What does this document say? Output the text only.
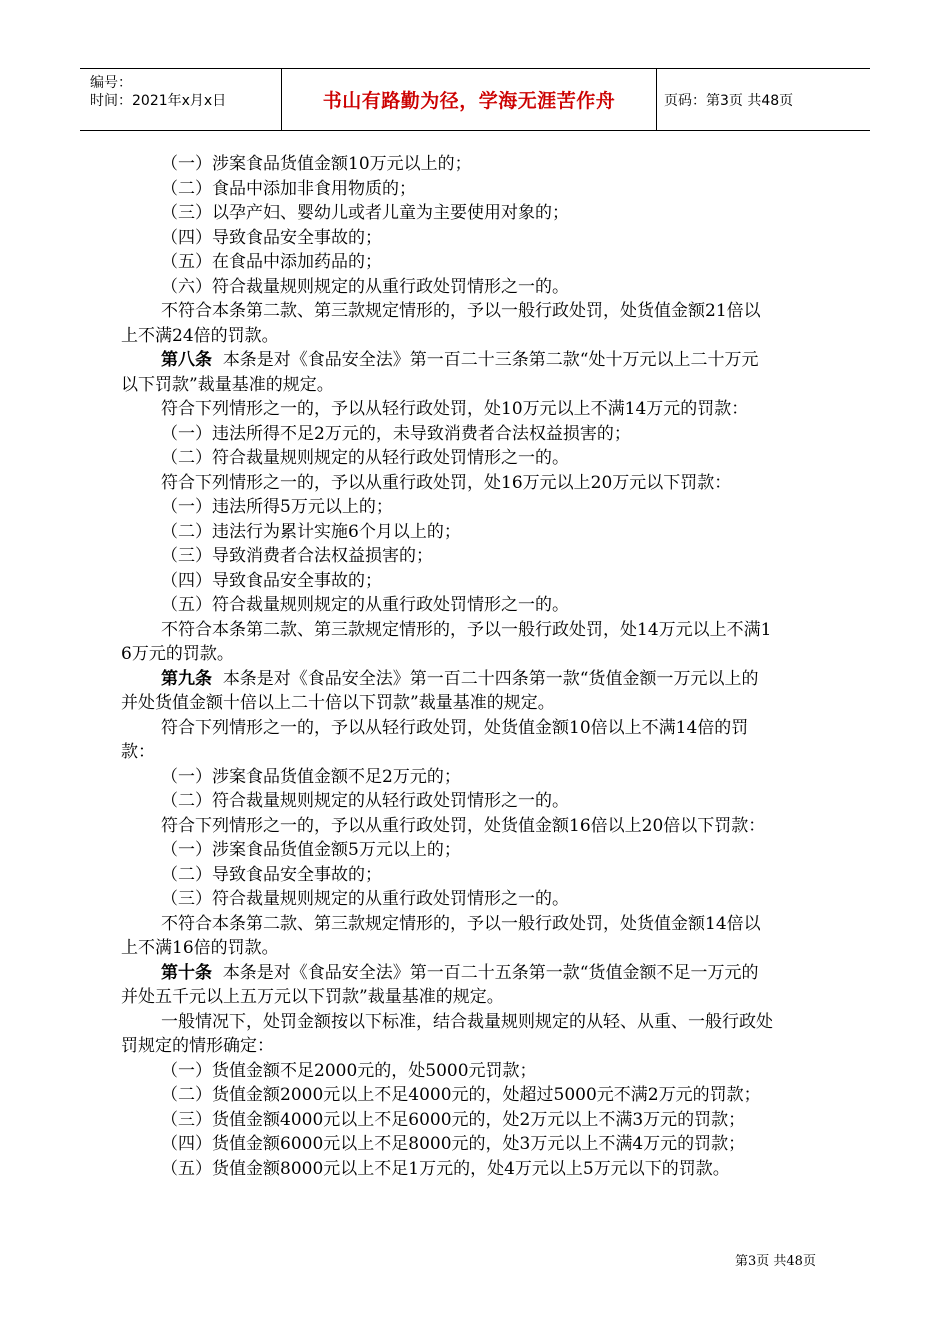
编号：
时间：2021年x月x日	书山有路勤为径，学海无涯苦作舟	页码：第3页 共48页
（一）涉案食品货值金额10万元以上的；
（二）食品中添加非食用物质的；
（三）以孕产妇、婴幼儿或者儿童为主要使用对象的；
（四）导致食品安全事故的；
（五）在食品中添加药品的；
（六）符合裁量规则规定的从重行政处罚情形之一的。
不符合本条第二款、第三款规定情形的，予以一般行政处罚，处货值金额21倍以
上不满24倍的罚款。
第八条 本条是对《食品安全法》第一百二十三条第二款“处十万元以上二十万元
以下罚款”裁量基准的规定。
符合下列情形之一的，予以从轻行政处罚，处10万元以上不满14万元的罚款：
（一）违法所得不足2万元的，未导致消费者合法权益损害的；
（二）符合裁量规则规定的从轻行政处罚情形之一的。
符合下列情形之一的，予以从重行政处罚，处16万元以上20万元以下罚款：
（一）违法所得5万元以上的；
（二）违法行为累计实施6个月以上的；
（三）导致消费者合法权益损害的；
（四）导致食品安全事故的；
（五）符合裁量规则规定的从重行政处罚情形之一的。
不符合本条第二款、第三款规定情形的，予以一般行政处罚，处14万元以上不满1
6万元的罚款。
第九条 本条是对《食品安全法》第一百二十四条第一款“货值金额一万元以上的
并处货值金额十倍以上二十倍以下罚款”裁量基准的规定。
符合下列情形之一的，予以从轻行政处罚，处货值金额10倍以上不满14倍的罚
款：
（一）涉案食品货值金额不足2万元的；
（二）符合裁量规则规定的从轻行政处罚情形之一的。
符合下列情形之一的，予以从重行政处罚，处货值金额16倍以上20倍以下罚款：
（一）涉案食品货值金额5万元以上的；
（二）导致食品安全事故的；
（三）符合裁量规则规定的从重行政处罚情形之一的。
不符合本条第二款、第三款规定情形的，予以一般行政处罚，处货值金额14倍以
上不满16倍的罚款。
第十条 本条是对《食品安全法》第一百二十五条第一款“货值金额不足一万元的
并处五千元以上五万元以下罚款”裁量基准的规定。
一般情况下，处罚金额按以下标准，结合裁量规则规定的从轻、从重、一般行政处
罚规定的情形确定：
（一）货值金额不足2000元的，处5000元罚款；
（二）货值金额2000元以上不足4000元的，处超过5000元不满2万元的罚款；
（三）货值金额4000元以上不足6000元的，处2万元以上不满3万元的罚款；
（四）货值金额6000元以上不足8000元的，处3万元以上不满4万元的罚款；
（五）货值金额8000元以上不足1万元的，处4万元以上5万元以下的罚款。
第3页 共48页
